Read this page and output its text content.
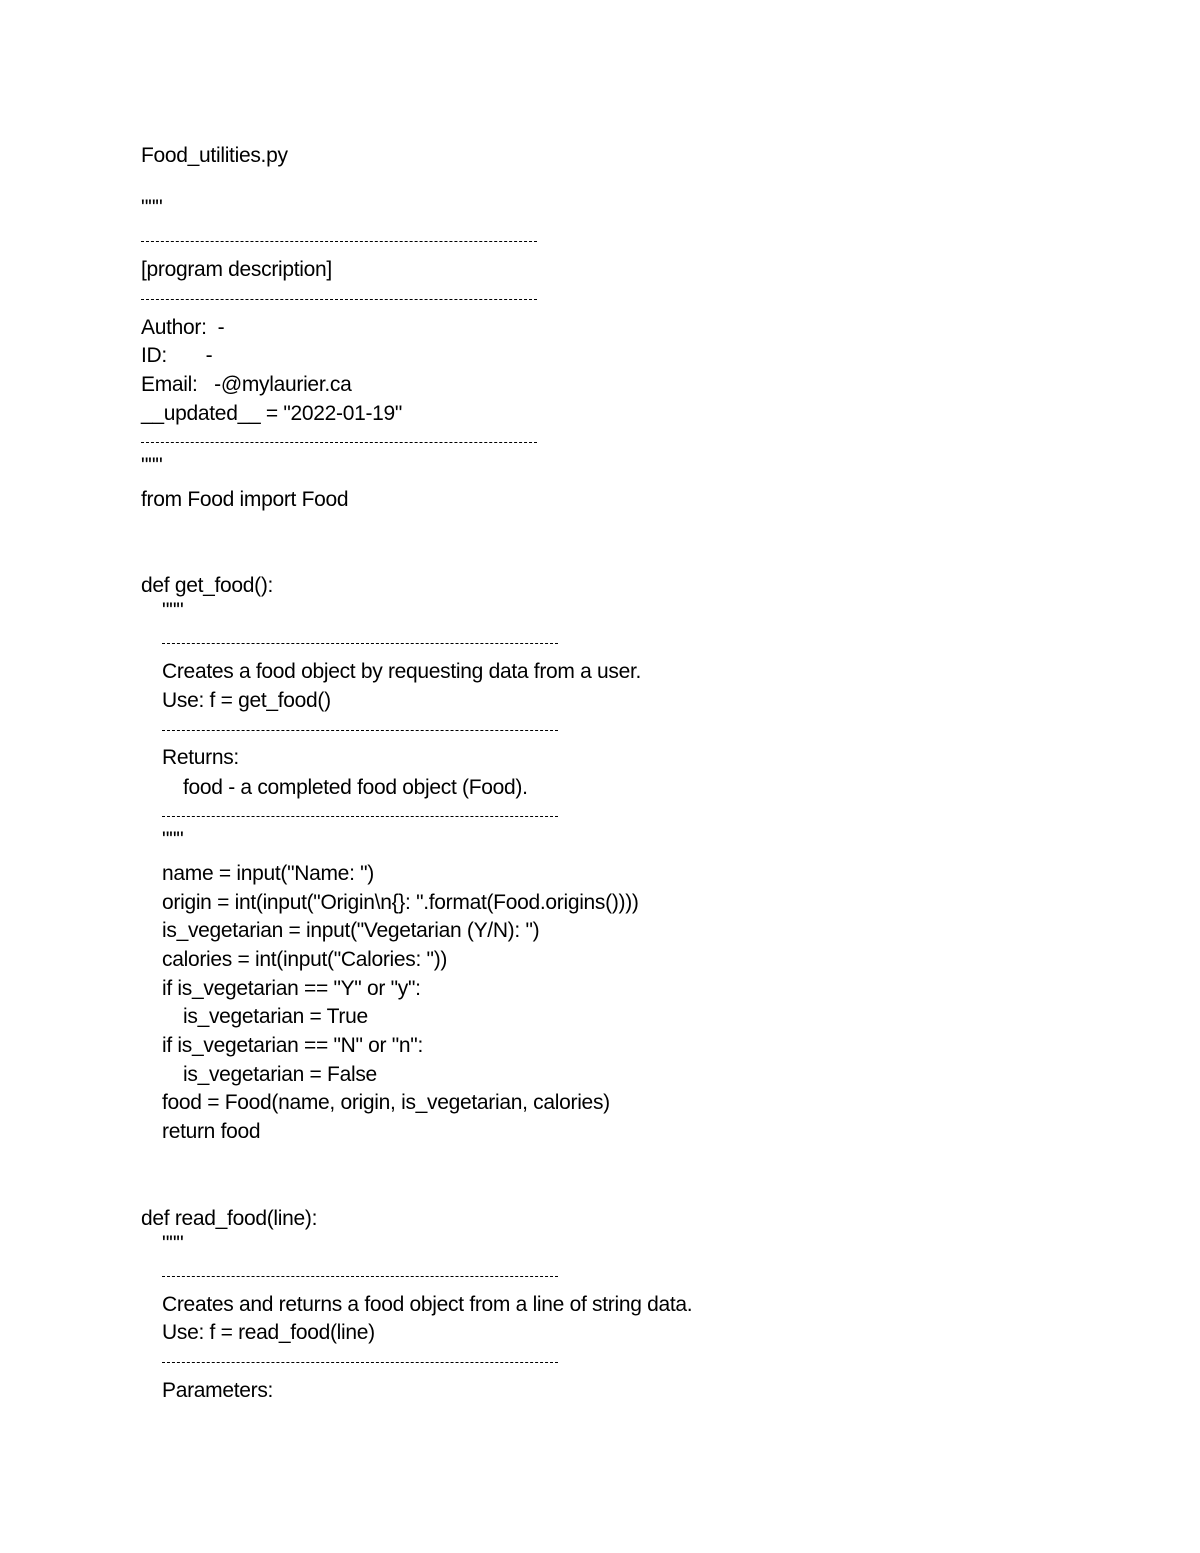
Food_utilities.py
"""
[program description]
Author:  -
ID:       -
Email:   -@mylaurier.ca
__updated__ = "2022-01-19"
"""
from Food import Food
def get_food():
"""
Creates a food object by requesting data from a user.
Use: f = get_food()
Returns:
food - a completed food object (Food).
"""
name = input("Name: ")
origin = int(input("Origin\n{}: ".format(Food.origins())))
is_vegetarian = input("Vegetarian (Y/N): ")
calories = int(input("Calories: "))
if is_vegetarian == "Y" or "y":
is_vegetarian = True
if is_vegetarian == "N" or "n":
is_vegetarian = False
food = Food(name, origin, is_vegetarian, calories)
return food
def read_food(line):
"""
Creates and returns a food object from a line of string data.
Use: f = read_food(line)
Parameters:
